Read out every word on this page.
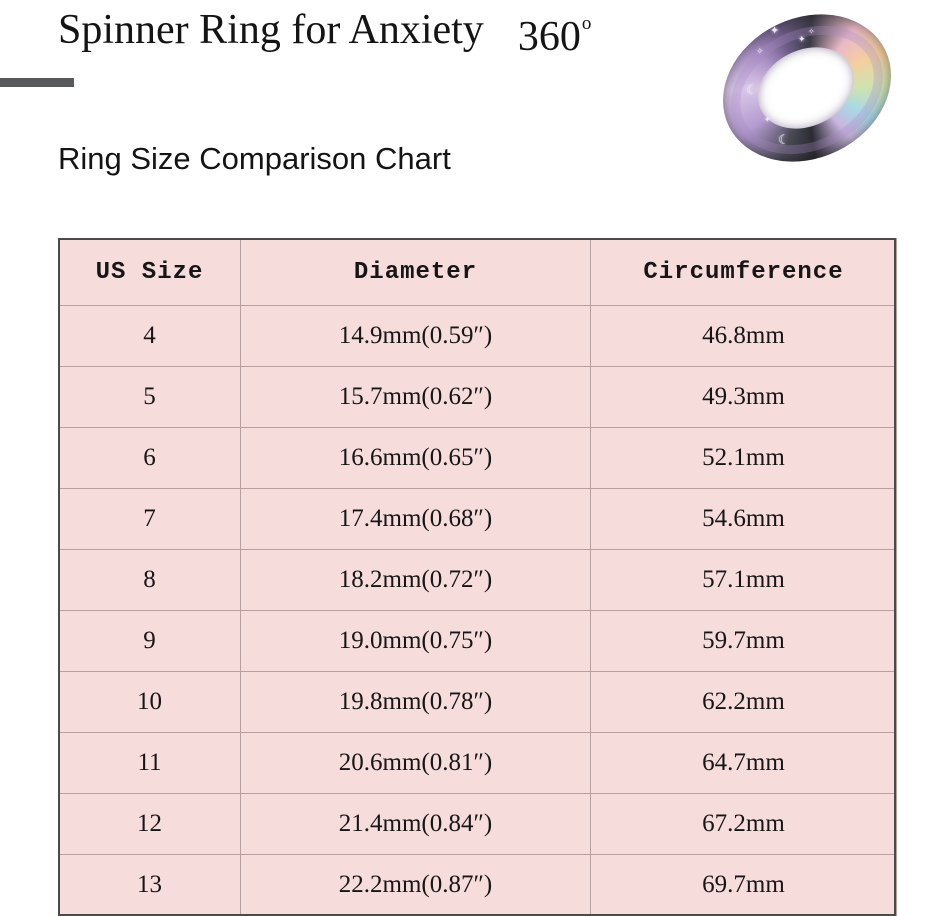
Spinner Ring for Anxiety 360$^o$
Ring Size Comparison Chart
✦
✦
✧
☾
☾
✦
✧
US Size	Diameter	Circumference
4	14.9mm(0.59″)	46.8mm
5	15.7mm(0.62″)	49.3mm
6	16.6mm(0.65″)	52.1mm
7	17.4mm(0.68″)	54.6mm
8	18.2mm(0.72″)	57.1mm
9	19.0mm(0.75″)	59.7mm
10	19.8mm(0.78″)	62.2mm
11	20.6mm(0.81″)	64.7mm
12	21.4mm(0.84″)	67.2mm
13	22.2mm(0.87″)	69.7mm
